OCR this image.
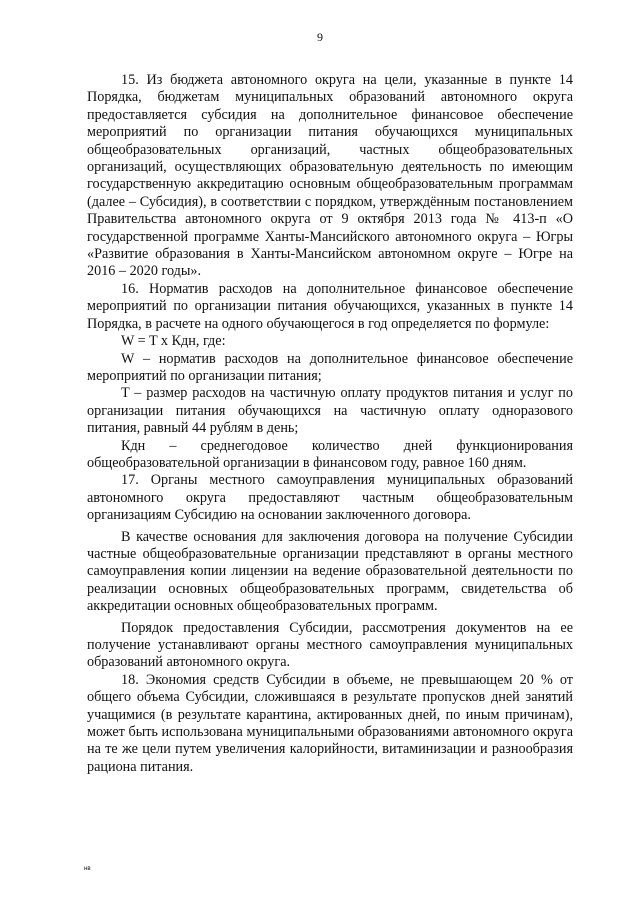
9

15. Из бюджета автономного округа на цели, указанные в пункте 14 Порядка, бюджетам муниципальных образований автономного округа предоставляется субсидия на дополнительное финансовое обеспечение мероприятий по организации питания обучающихся муниципальных общеобразовательных организаций, частных общеобразовательных организаций, осуществляющих образовательную деятельность по имеющим государственную аккредитацию основным общеобразовательным программам (далее – Субсидия), в соответствии с порядком, утверждённым постановлением Правительства автономного округа от 9 октября 2013 года № 413-п «О государственной программе Ханты-Мансийского автономного округа – Югры «Развитие образования в Ханты-Мансийском автономном округе – Югре на 2016 – 2020 годы».

16. Норматив расходов на дополнительное финансовое обеспечение мероприятий по организации питания обучающихся, указанных в пункте 14 Порядка, в расчете на одного обучающегося в год определяется по формуле:

W = T х Кдн, где:

W – норматив расходов на дополнительное финансовое обеспечение мероприятий по организации питания;

T – размер расходов на частичную оплату продуктов питания и услуг по организации питания обучающихся на частичную оплату одноразового питания, равный 44 рублям в день;

Кдн – среднегодовое количество дней функционирования общеобразовательной организации в финансовом году, равное 160 дням.

17. Органы местного самоуправления муниципальных образований автономного округа предоставляют частным общеобразовательным организациям Субсидию на основании заключенного договора.

В качестве основания для заключения договора на получение Субсидии частные общеобразовательные организации представляют в органы местного самоуправления копии лицензии на ведение образовательной деятельности по реализации основных общеобразовательных программ, свидетельства об аккредитации основных общеобразовательных программ.

Порядок предоставления Субсидии, рассмотрения документов на ее получение устанавливают органы местного самоуправления муниципальных образований автономного округа.

18. Экономия средств Субсидии в объеме, не превышающем 20 % от общего объема Субсидии, сложившаяся в результате пропусков дней занятий учащимися (в результате карантина, актированных дней, по иным причинам), может быть использована муниципальными образованиями автономного округа на те же цели путем увеличения калорийности, витаминизации и разнообразия рациона питания.

нв
